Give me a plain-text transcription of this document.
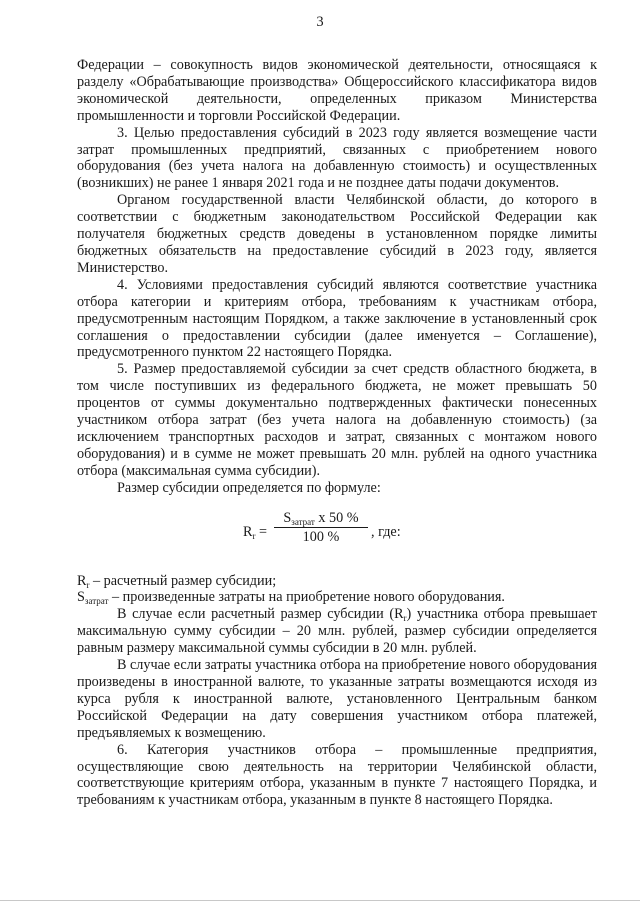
3

Федерации – совокупность видов экономической деятельности, относящаяся к разделу «Обрабатывающие производства» Общероссийского классификатора видов экономической деятельности, определенных приказом Министерства промышленности и торговли Российской Федерации.

3. Целью предоставления субсидий в 2023 году является возмещение части затрат промышленных предприятий, связанных с приобретением нового оборудования (без учета налога на добавленную стоимость) и осуществленных (возникших) не ранее 1 января 2021 года и не позднее даты подачи документов.

Органом государственной власти Челябинской области, до которого в соответствии с бюджетным законодательством Российской Федерации как получателя бюджетных средств доведены в установленном порядке лимиты бюджетных обязательств на предоставление субсидий в 2023 году, является Министерство.

4. Условиями предоставления субсидий являются соответствие участника отбора категории и критериям отбора, требованиям к участникам отбора, предусмотренным настоящим Порядком, а также заключение в установленный срок соглашения о предоставлении субсидии (далее именуется – Соглашение), предусмотренного пунктом 22 настоящего Порядка.

5. Размер предоставляемой субсидии за счет средств областного бюджета, в том числе поступивших из федерального бюджета, не может превышать 50 процентов от суммы документально подтвержденных фактически понесенных участником отбора затрат (без учета налога на добавленную стоимость) (за исключением транспортных расходов и затрат, связанных с монтажом нового оборудования) и в сумме не может превышать 20 млн. рублей на одного участника отбора (максимальная сумма субсидии).

Размер субсидии определяется по формуле:

$R_r$ =
$S_{затрат}$ x 50 %
100 %	, где:

$R_r$ – расчетный размер субсидии;

$S_{затрат}$ – произведенные затраты на приобретение нового оборудования.

В случае если расчетный размер субсидии $(R_r)$ участника отбора превышает максимальную сумму субсидии – 20 млн. рублей, размер субсидии определяется равным размеру максимальной суммы субсидии в 20 млн. рублей.

В случае если затраты участника отбора на приобретение нового оборудования произведены в иностранной валюте, то указанные затраты возмещаются исходя из курса рубля к иностранной валюте, установленного Центральным банком Российской Федерации на дату совершения участником отбора платежей, предъявляемых к возмещению.

6. Категория участников отбора – промышленные предприятия, осуществляющие свою деятельность на территории Челябинской области, соответствующие критериям отбора, указанным в пункте 7 настоящего Порядка, и требованиям к участникам отбора, указанным в пункте 8 настоящего Порядка.
